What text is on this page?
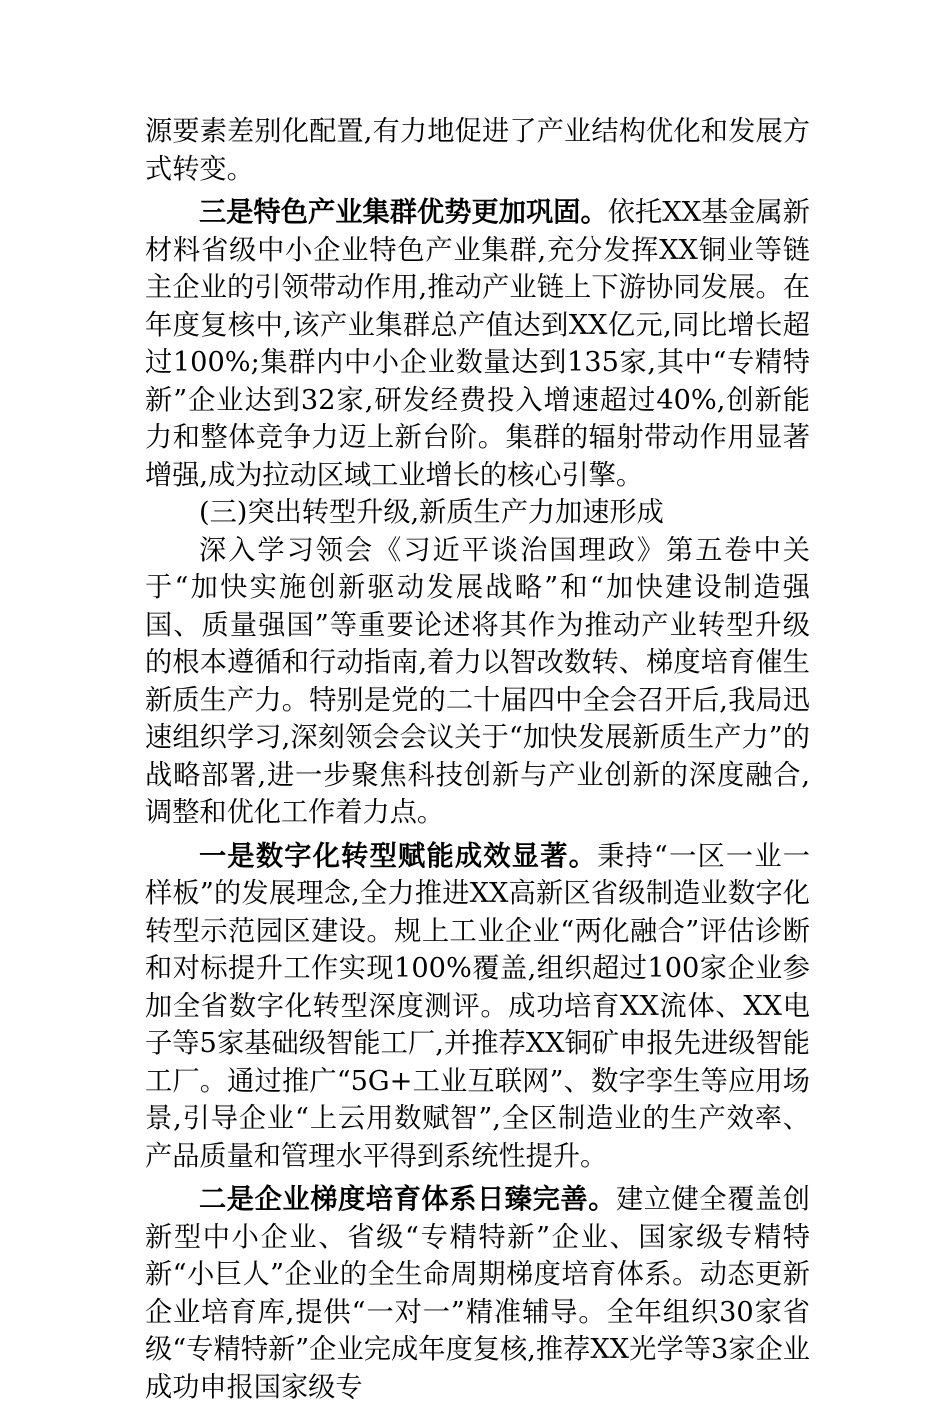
源要素差别化配置,有力地促进了产业结构优化和发展方式转变。

三是特色产业集群优势更加巩固。依托XX基金属新材料省级中小企业特色产业集群,充分发挥XX铜业等链主企业的引领带动作用,推动产业链上下游协同发展。在年度复核中,该产业集群总产值达到XX亿元,同比增长超过100%;集群内中小企业数量达到135家,其中“专精特新”企业达到32家,研发经费投入增速超过40%,创新能力和整体竞争力迈上新台阶。集群的辐射带动作用显著增强,成为拉动区域工业增长的核心引擎。

(三)突出转型升级,新质生产力加速形成

深入学习领会《习近平谈治国理政》第五卷中关于“加快实施创新驱动发展战略”和“加快建设制造强国、质量强国”等重要论述将其作为推动产业转型升级的根本遵循和行动指南,着力以智改数转、梯度培育催生新质生产力。特别是党的二十届四中全会召开后,我局迅速组织学习,深刻领会会议关于“加快发展新质生产力”的战略部署,进一步聚焦科技创新与产业创新的深度融合,调整和优化工作着力点。

一是数字化转型赋能成效显著。秉持“一区一业一样板”的发展理念,全力推进XX高新区省级制造业数字化转型示范园区建设。规上工业企业“两化融合”评估诊断和对标提升工作实现100%覆盖,组织超过100家企业参加全省数字化转型深度测评。成功培育XX流体、XX电子等5家基础级智能工厂,并推荐XX铜矿申报先进级智能工厂。通过推广“5G+工业互联网”、数字孪生等应用场景,引导企业“上云用数赋智”,全区制造业的生产效率、产品质量和管理水平得到系统性提升。

二是企业梯度培育体系日臻完善。建立健全覆盖创新型中小企业、省级“专精特新”企业、国家级专精特新“小巨人”企业的全生命周期梯度培育体系。动态更新企业培育库,提供“一对一”精准辅导。全年组织30家省级“专精特新”企业完成年度复核,推荐XX光学等3家企业成功申报国家级专
